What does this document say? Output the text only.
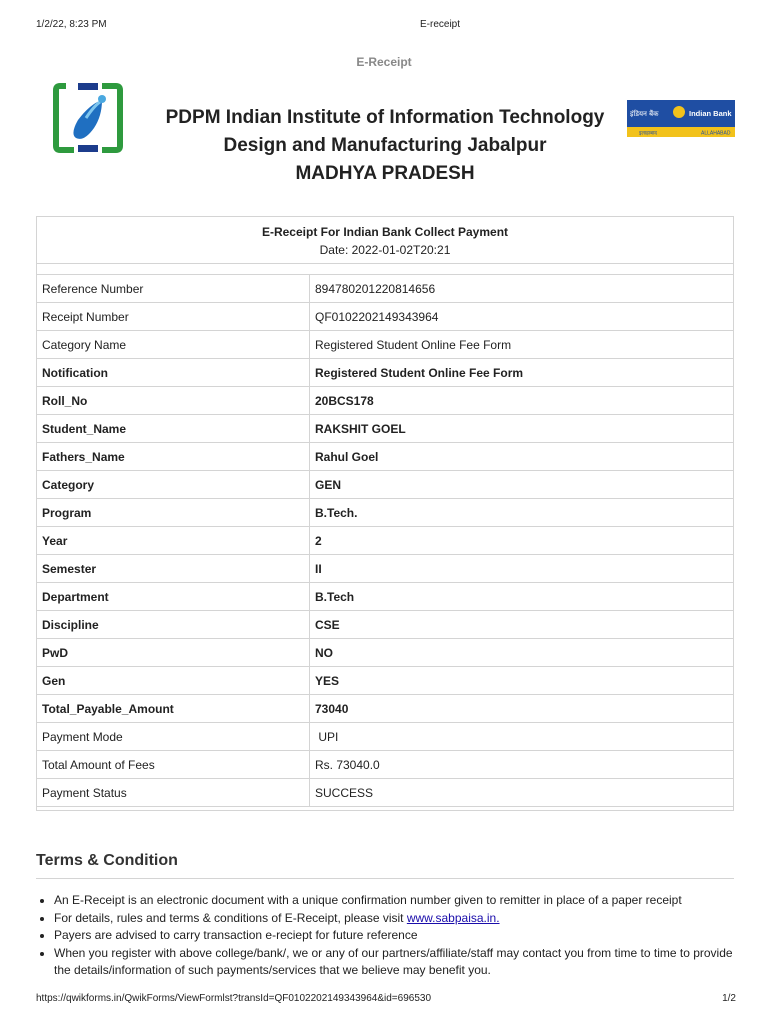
1/2/22, 8:23 PM	E-receipt
E-Receipt
PDPM Indian Institute of Information Technology
Design and Manufacturing Jabalpur
MADHYA PRADESH
इंडियन बैंक	Indian Bank
इलाहाबाद	ALLAHABAD
E-Receipt For Indian Bank Collect Payment
Date: 2022-01-02T20:21
Reference Number	894780201220814656
Receipt Number	QF0102202149343964
Category Name	Registered Student Online Fee Form
Notification	Registered Student Online Fee Form
Roll_No	20BCS178
Student_Name	RAKSHIT GOEL
Fathers_Name	Rahul Goel
Category	GEN
Program	B.Tech.
Year	2
Semester	II
Department	B.Tech
Discipline	CSE
PwD	NO
Gen	YES
Total_Payable_Amount	73040
Payment Mode	UPI
Total Amount of Fees	Rs. 73040.0
Payment Status	SUCCESS
Terms & Condition
• An E-Receipt is an electronic document with a unique confirmation number given to remitter in place of a paper receipt
• For details, rules and terms & conditions of E-Receipt, please visit www.sabpaisa.in.
• Payers are advised to carry transaction e-reciept for future reference
• When you register with above college/bank/, we or any of our partners/affiliate/staff may contact you from time to time to provide the details/information of such payments/services that we believe may benefit you.
https://qwikforms.in/QwikForms/ViewFormlst?transId=QF0102202149343964&id=696530	1/2
